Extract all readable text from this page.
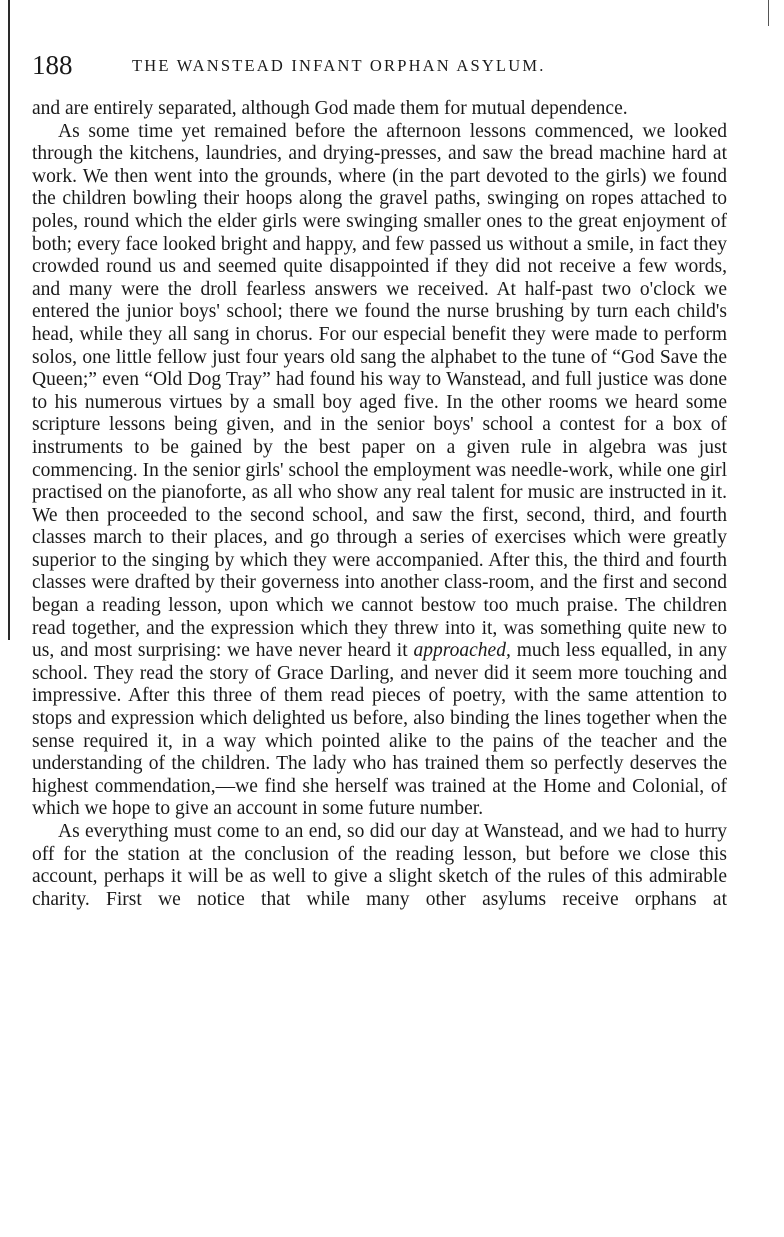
188	THE WANSTEAD INFANT ORPHAN ASYLUM.

and are entirely separated, although God made them for mutual dependence.

As some time yet remained before the afternoon lessons commenced, we looked through the kitchens, laundries, and drying-presses, and saw the bread machine hard at work. We then went into the grounds, where (in the part devoted to the girls) we found the children bowling their hoops along the gravel paths, swinging on ropes attached to poles, round which the elder girls were swinging smaller ones to the great enjoyment of both; every face looked bright and happy, and few passed us without a smile, in fact they crowded round us and seemed quite disappointed if they did not receive a few words, and many were the droll fearless answers we received. At half-past two o'clock we entered the junior boys' school; there we found the nurse brushing by turn each child's head, while they all sang in chorus. For our especial benefit they were made to perform solos, one little fellow just four years old sang the alphabet to the tune of “God Save the Queen;” even “Old Dog Tray” had found his way to Wanstead, and full justice was done to his numerous virtues by a small boy aged five. In the other rooms we heard some scripture lessons being given, and in the senior boys' school a contest for a box of instruments to be gained by the best paper on a given rule in algebra was just commencing. In the senior girls' school the employment was needle-work, while one girl practised on the pianoforte, as all who show any real talent for music are instructed in it. We then proceeded to the second school, and saw the first, second, third, and fourth classes march to their places, and go through a series of exercises which were greatly superior to the singing by which they were accompanied. After this, the third and fourth classes were drafted by their governess into another class-room, and the first and second began a reading lesson, upon which we cannot bestow too much praise. The children read together, and the expression which they threw into it, was something quite new to us, and most surprising: we have never heard it approached, much less equalled, in any school. They read the story of Grace Darling, and never did it seem more touching and impressive. After this three of them read pieces of poetry, with the same attention to stops and expression which delighted us before, also binding the lines together when the sense required it, in a way which pointed alike to the pains of the teacher and the understanding of the children. The lady who has trained them so perfectly deserves the highest commendation,—we find she herself was trained at the Home and Colonial, of which we hope to give an account in some future number.

As everything must come to an end, so did our day at Wanstead, and we had to hurry off for the station at the conclusion of the reading lesson, but before we close this account, perhaps it will be as well to give a slight sketch of the rules of this admirable charity. First we notice that while many other asylums receive orphans at
